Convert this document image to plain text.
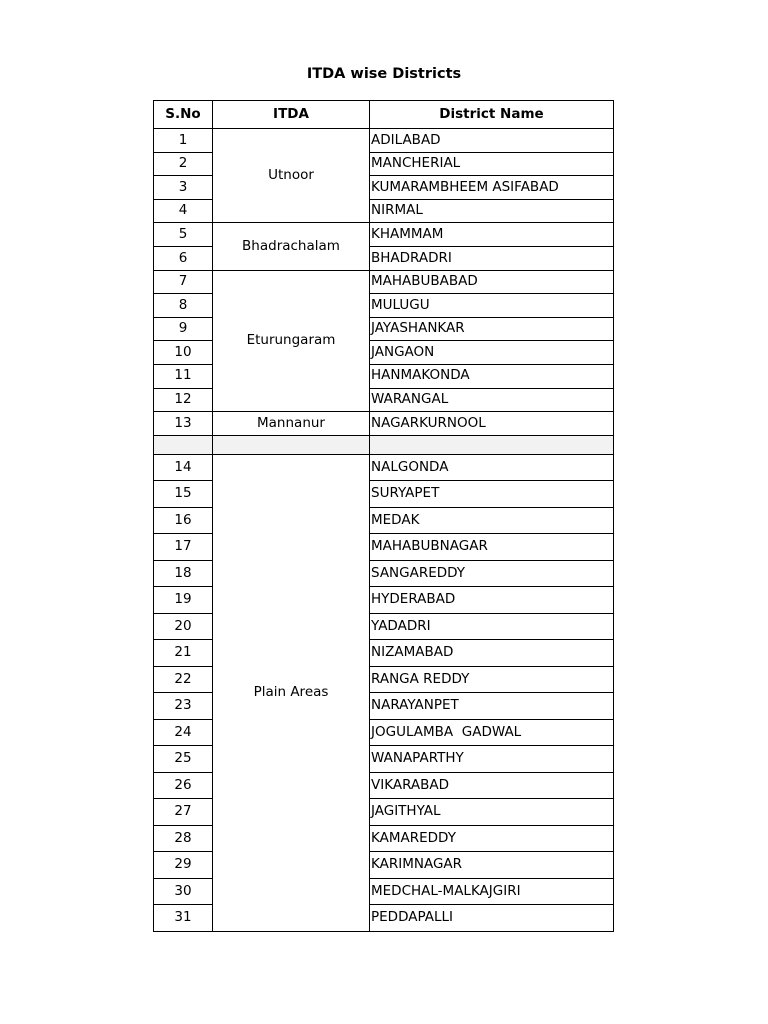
ITDA wise Districts
S.No	ITDA	District Name
1	Utnoor	ADILABAD
2		MANCHERIAL
3		KUMARAMBHEEM ASIFABAD
4		NIRMAL
5	Bhadrachalam	KHAMMAM
6		BHADRADRI
7	Eturungaram	MAHABUBABAD
8		MULUGU
9		JAYASHANKAR
10		JANGAON
11		HANMAKONDA
12		WARANGAL
13	Mannanur	NAGARKURNOOL

14	Plain Areas	NALGONDA
15		SURYAPET
16		MEDAK
17		MAHABUBNAGAR
18		SANGAREDDY
19		HYDERABAD
20		YADADRI
21		NIZAMABAD
22		RANGA REDDY
23		NARAYANPET
24		JOGULAMBA  GADWAL
25		WANAPARTHY
26		VIKARABAD
27		JAGITHYAL
28		KAMAREDDY
29		KARIMNAGAR
30		MEDCHAL-MALKAJGIRI
31		PEDDAPALLI
